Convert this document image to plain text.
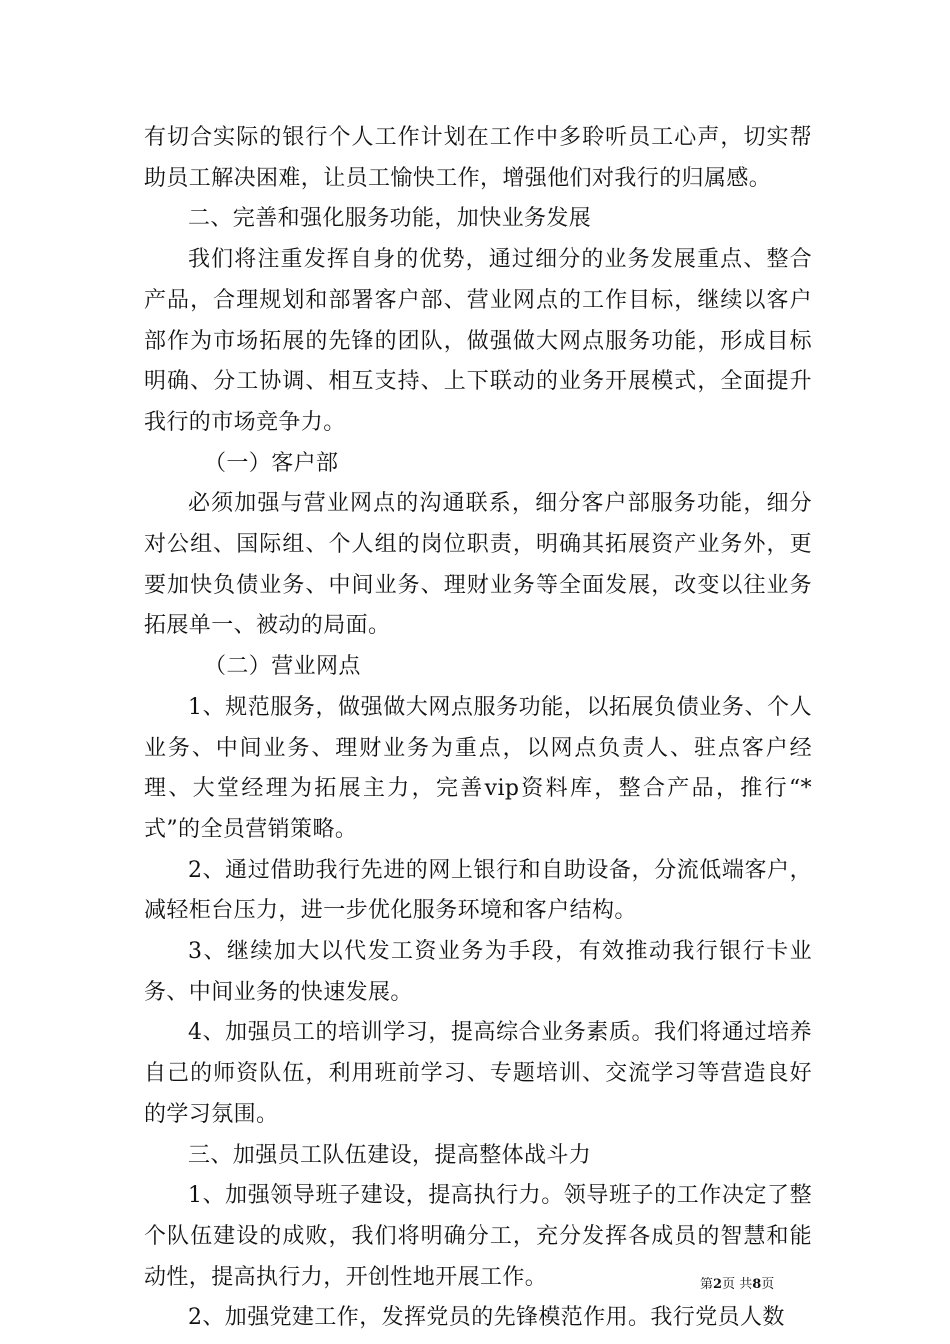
有切合实际的银行个人工作计划在工作中多聆听员工心声，切实帮助员工解决困难，让员工愉快工作，增强他们对我行的归属感。

二、完善和强化服务功能，加快业务发展

我们将注重发挥自身的优势，通过细分的业务发展重点、整合产品，合理规划和部署客户部、营业网点的工作目标，继续以客户部作为市场拓展的先锋的团队，做强做大网点服务功能，形成目标明确、分工协调、相互支持、上下联动的业务开展模式，全面提升我行的市场竞争力。

（一）客户部

必须加强与营业网点的沟通联系，细分客户部服务功能，细分对公组、国际组、个人组的岗位职责，明确其拓展资产业务外，更要加快负债业务、中间业务、理财业务等全面发展，改变以往业务拓展单一、被动的局面。

（二）营业网点

1、规范服务，做强做大网点服务功能，以拓展负债业务、个人业务、中间业务、理财业务为重点，以网点负责人、驻点客户经理、大堂经理为拓展主力，完善vip资料库，整合产品，推行“*式”的全员营销策略。

2、通过借助我行先进的网上银行和自助设备，分流低端客户，减轻柜台压力，进一步优化服务环境和客户结构。

3、继续加大以代发工资业务为手段，有效推动我行银行卡业务、中间业务的快速发展。

4、加强员工的培训学习，提高综合业务素质。我们将通过培养自己的师资队伍，利用班前学习、专题培训、交流学习等营造良好的学习氛围。

三、加强员工队伍建设，提高整体战斗力

1、加强领导班子建设，提高执行力。领导班子的工作决定了整个队伍建设的成败，我们将明确分工，充分发挥各成员的智慧和能动性，提高执行力，开创性地开展工作。

2、加强党建工作，发挥党员的先锋模范作用。我行党员人数

第2页 共8页
